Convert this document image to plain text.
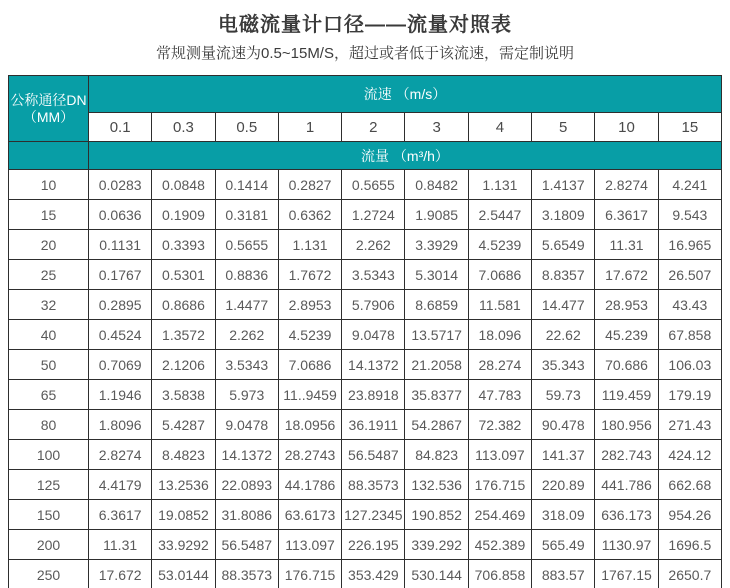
电磁流量计口径——流量对照表

常规测量流速为0.5~15M/S，超过或者低于该流速，需定制说明

公称通径DN
（MM）	流速 （m/s）									
	0.1	0.3	0.5	1	2	3	4	5	10	15
	流量 （m³/h）									
10	0.0283	0.0848	0.1414	0.2827	0.5655	0.8482	1.131	1.4137	2.8274	4.241
15	0.0636	0.1909	0.3181	0.6362	1.2724	1.9085	2.5447	3.1809	6.3617	9.543
20	0.1131	0.3393	0.5655	1.131	2.262	3.3929	4.5239	5.6549	11.31	16.965
25	0.1767	0.5301	0.8836	1.7672	3.5343	5.3014	7.0686	8.8357	17.672	26.507
32	0.2895	0.8686	1.4477	2.8953	5.7906	8.6859	11.581	14.477	28.953	43.43
40	0.4524	1.3572	2.262	4.5239	9.0478	13.5717	18.096	22.62	45.239	67.858
50	0.7069	2.1206	3.5343	7.0686	14.1372	21.2058	28.274	35.343	70.686	106.03
65	1.1946	3.5838	5.973	11..9459	23.8918	35.8377	47.783	59.73	119.459	179.19
80	1.8096	5.4287	9.0478	18.0956	36.1911	54.2867	72.382	90.478	180.956	271.43
100	2.8274	8.4823	14.1372	28.2743	56.5487	84.823	113.097	141.37	282.743	424.12
125	4.4179	13.2536	22.0893	44.1786	88.3573	132.536	176.715	220.89	441.786	662.68
150	6.3617	19.0852	31.8086	63.6173	127.2345	190.852	254.469	318.09	636.173	954.26
200	11.31	33.9292	56.5487	113.097	226.195	339.292	452.389	565.49	1130.97	1696.5
250	17.672	53.0144	88.3573	176.715	353.429	530.144	706.858	883.57	1767.15	2650.7
